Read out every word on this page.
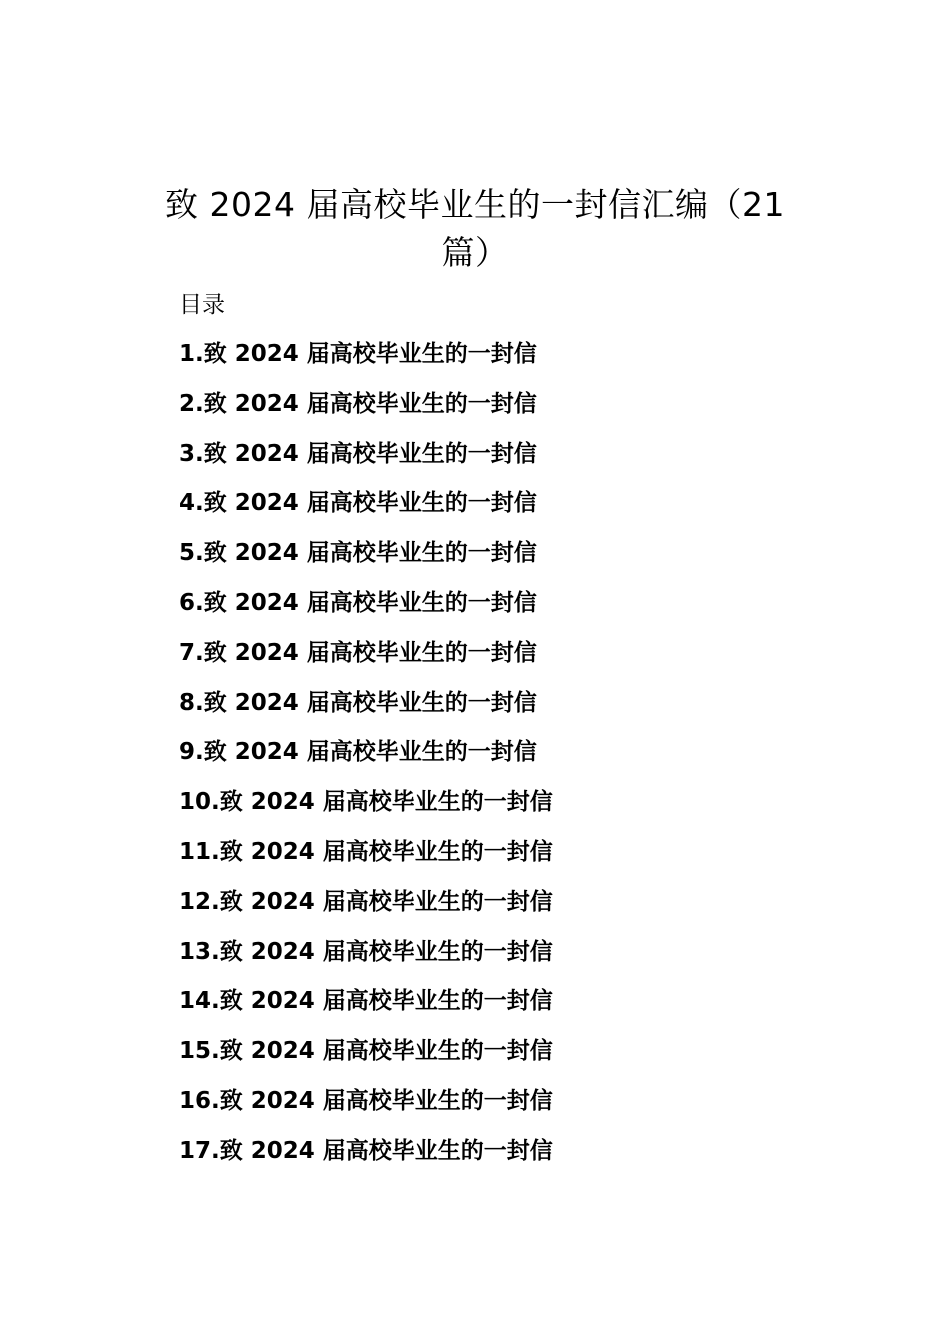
致 2024 届高校毕业生的一封信汇编（21 篇）
目录
1.致 2024 届高校毕业生的一封信
2.致 2024 届高校毕业生的一封信
3.致 2024 届高校毕业生的一封信
4.致 2024 届高校毕业生的一封信
5.致 2024 届高校毕业生的一封信
6.致 2024 届高校毕业生的一封信
7.致 2024 届高校毕业生的一封信
8.致 2024 届高校毕业生的一封信
9.致 2024 届高校毕业生的一封信
10.致 2024 届高校毕业生的一封信
11.致 2024 届高校毕业生的一封信
12.致 2024 届高校毕业生的一封信
13.致 2024 届高校毕业生的一封信
14.致 2024 届高校毕业生的一封信
15.致 2024 届高校毕业生的一封信
16.致 2024 届高校毕业生的一封信
17.致 2024 届高校毕业生的一封信
